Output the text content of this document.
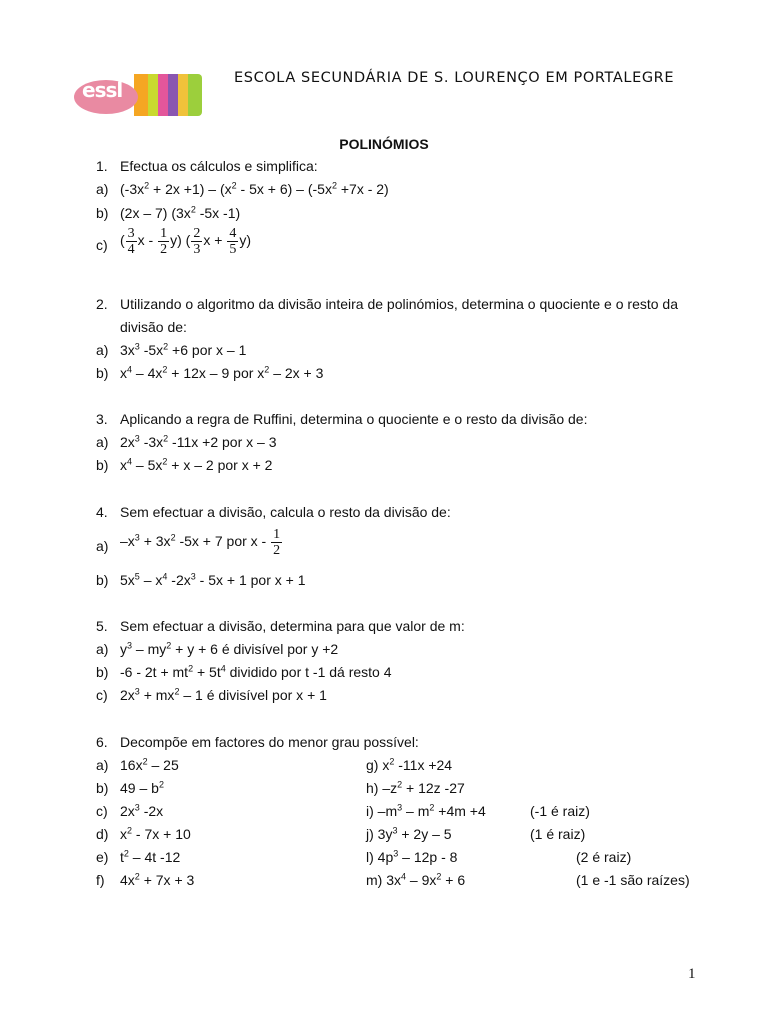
essl	ESCOLA SECUNDÁRIA DE S. LOURENÇO EM PORTALEGRE
POLINÓMIOS
1. Efectua os cálculos e simplifica:
a) $(-3x^2 + 2x +1) - (x^2 - 5x + 6) - (-5x^2 +7x - 2)$
b) (2x – 7) ($3x^2$ -5x -1)
c) ( $\frac{3}{4}$ x - $\frac{1}{2} y$) ( $\frac{2}{3}$ $x + \frac{4}{5} y$)
2. Utilizando o algoritmo da divisão inteira de polinómios, determina o quociente e o resto da
divisão de:
a) $3x^3$ $-5x^2 +6$ por x – 1
b) $x^4 - 4x^2 + 12x - 9$ por $x^2 - 2x + 3$
3. Aplicando a regra de Ruffini, determina o quociente e o resto da divisão de:
a) $2x^3$ $-3x^2$ -11x +2 por x – 3
b) $x^4 - 5x^2 + x - 2$ por x + 2
4. Sem efectuar a divisão, calcula o resto da divisão de:
a) $-x^3 + 3x^2$ -5x + 7 por x - $\frac{1}{2}$
b) $5x^5 - x^4$ $-2x^3 - 5x + 1$ por x + 1
5. Sem efectuar a divisão, determina para que valor de m:
a) $y^3 - my^2 + y + 6$ é divisível por y +2
b) $-6 - 2t + mt^2 + 5t^4$ dividido por t -1 dá resto 4
c) $2x^3 + mx^2 - 1$ é divisível por x + 1
6. Decompõe em factores do menor grau possível:
a) $16x^2 - 25$	g) $x^2$ -11x +24
b) $49 - b^2$	h) $-z^2 + 12z$ -27
c) $2x^3$ -2x	i) $-m^3 - m^2 +4m +4$	(-1 é raiz)
d) $x^2 - 7x + 10$	j) $3y^3 + 2y - 5$	(1 é raiz)
e) $t^2 - 4t$ -12	l) $4p^3 - 12p - 8$	(2 é raiz)
f) $4x^2 + 7x + 3$	m) $3x^4 - 9x^2 + 6$	(1 e -1 são raízes)
1
